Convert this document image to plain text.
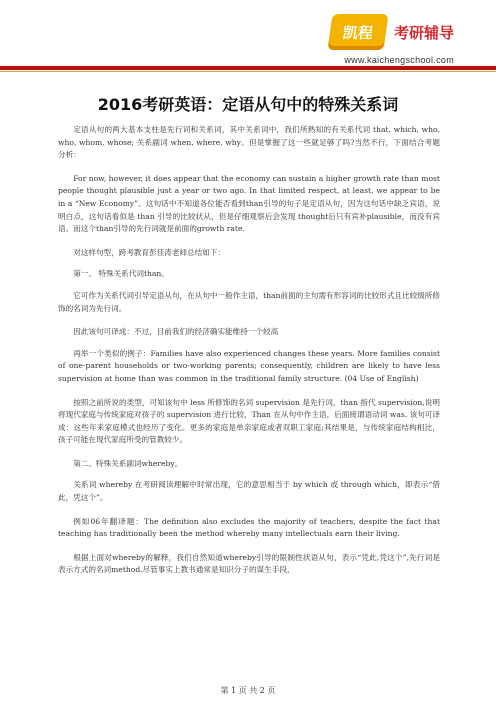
凯程	考研辅导
www.kaichengschool.com
2016考研英语：定语从句中的特殊关系词

定语从句的两大基本支柱是先行词和关系词，其中关系词中，我们所熟知的有关系代词 that, which, who, who, whom, whose; 关系副词 when, where, why。但是掌握了这一些就足够了吗?当然不行，下面结合考题分析：

For now, however, it does appear that the economy can sustain a higher growth rate than most people thought plausible just a year or two ago. In that limited respect, at least, we appear to be in a “New Economy”。这句话中不知道各位能否看到than引导的句子是定语从句，因为这句话中缺乏宾语，说明白点，这句话看似是 than 引导的比较状从，但是仔细观察后会发现 thought后只有宾补plausible，而没有宾语。而这个than引导的先行词就是前面的growth rate.

对这样句型，跨考教育彭佳涛老师总结如下：

第一、 特殊关系代词than。

它可作为关系代词引导定语从句，在从句中一般作主语，than前面的主句需有形容词的比较形式且比较级所修饰的名词为先行词。

因此该句可译成：不过，目前我们的经济确实能维持一个较高

再举一个类似的例子：Families have also experienced changes these years. More families consist of one-parent households or two-working parents; consequently, children are likely to have less supervision at home than was common in the traditional family structure. (04 Use of English)

按照之前所说的类型，可知该句中 less 所修饰的名词 supervision 是先行词，than 指代 supervision,说明将现代家庭与传统家庭对孩子的 supervision 进行比较，Than 在从句中作主语，后面接谓语动词 was. 该句可译成：这些年来家庭模式也经历了变化。更多的家庭是单亲家庭或者双职工家庭;其结果是，与传统家庭结构相比，孩子可能在现代家庭所受的管教较少。

第二、特殊关系副词whereby。

关系词 whereby 在考研阅读理解中时常出现，它的意思相当于 by which 或 through which，即表示“借此，凭这个”。

例如06年翻译题：The definition also excludes the majority of teachers, despite the fact that teaching has traditionally been the method whereby many intellectuals earn their living.

根据上面对whereby的解释，我们自然知道whereby引导的限制性状语从句，表示“凭此,凭这个”,先行词是表示方式的名词method.尽管事实上教书通常是知识分子的谋生手段，

第 1 页 共 2 页
